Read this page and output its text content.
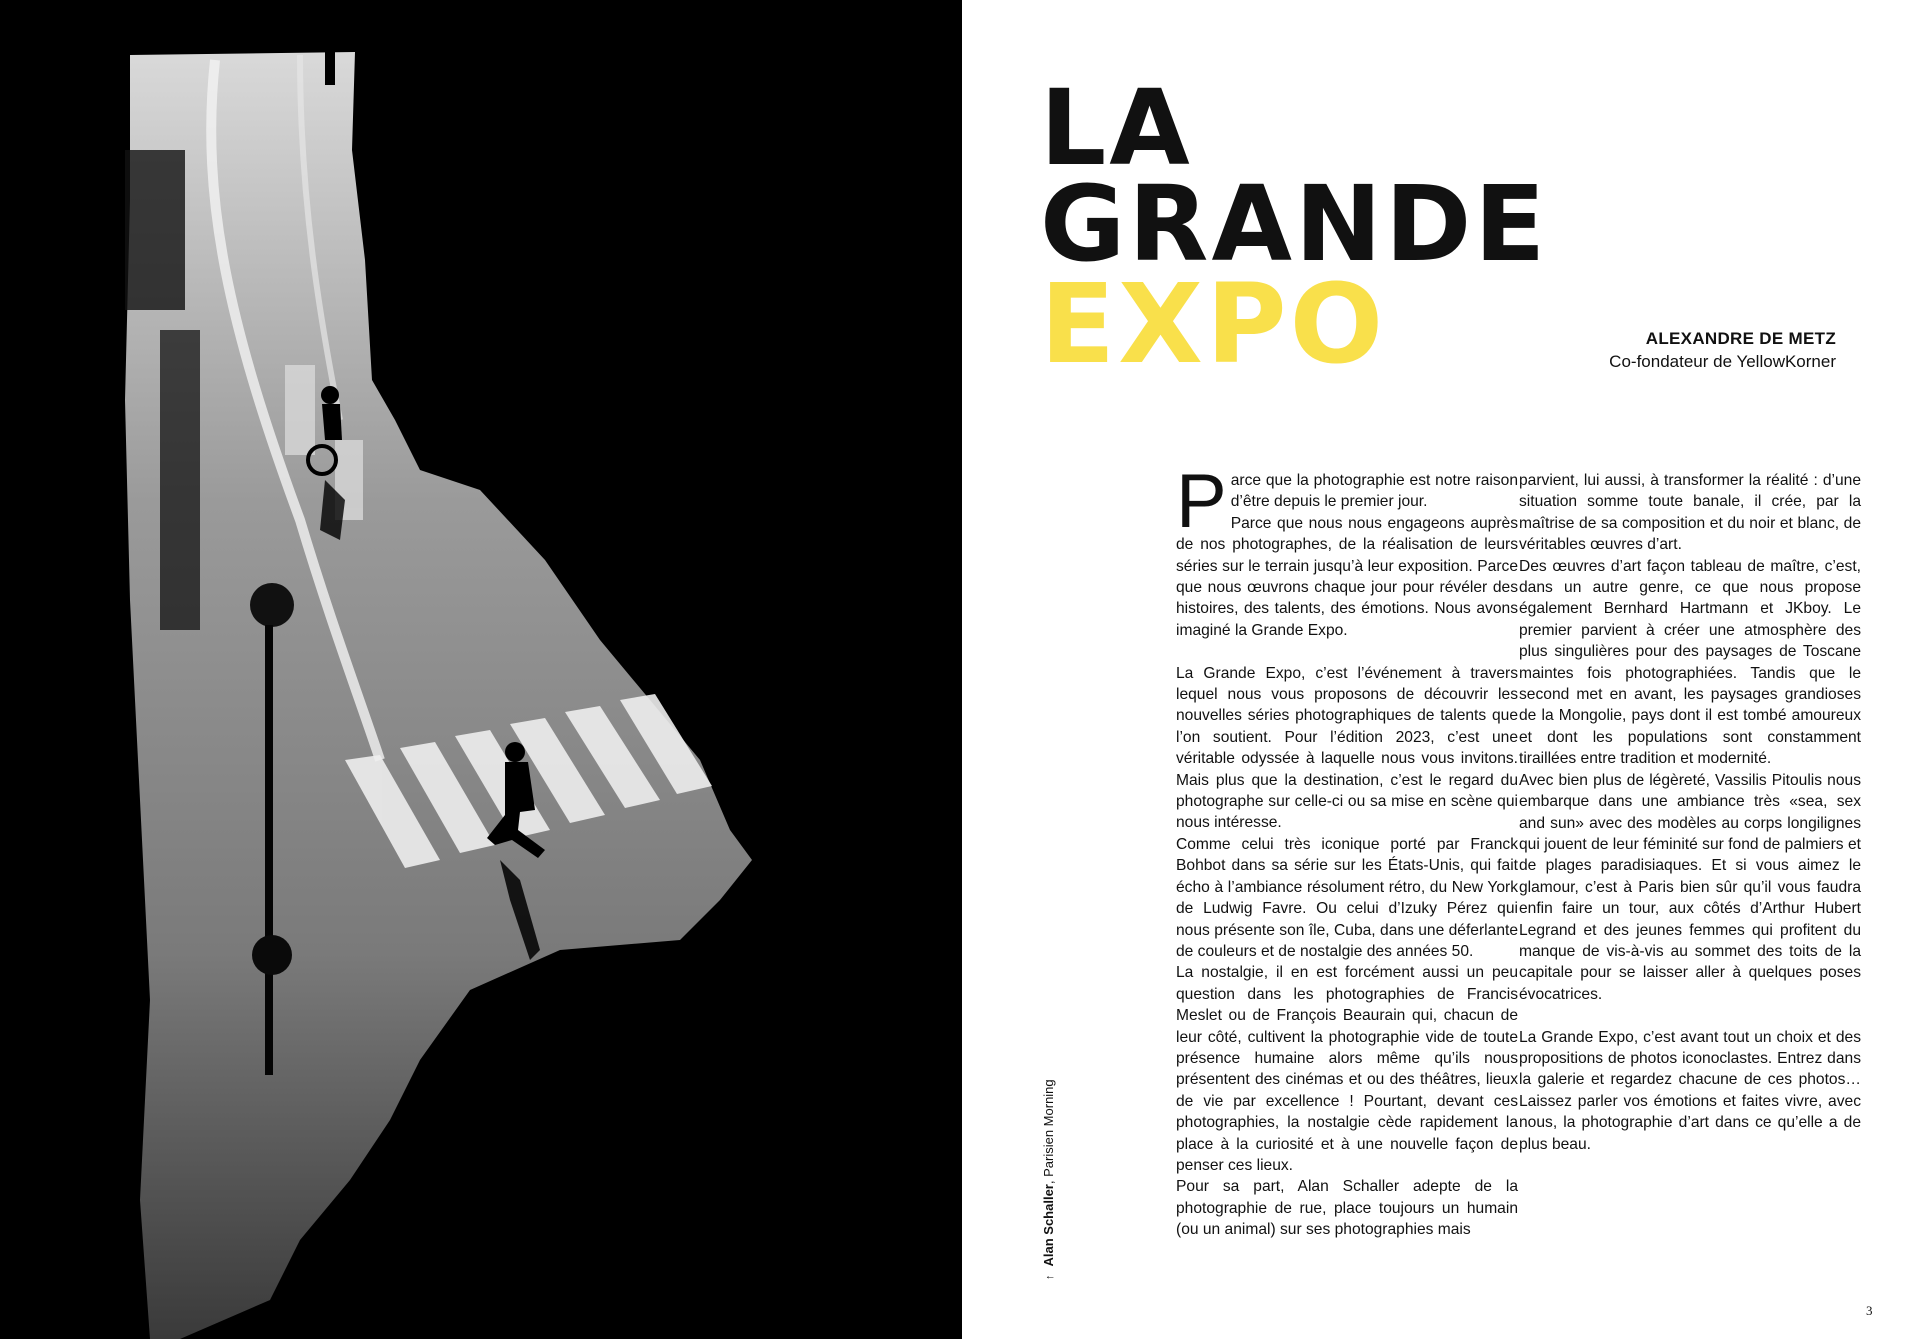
↑Alan Schaller, Parisien Morning
LA
GRANDE
EXPO	ALEXANDRE DE METZ
Co-fondateur de YellowKorner

Parce que la photographie est notre raison d’être depuis le premier jour.

Parce que nous nous engageons auprès de nos photographes, de la réalisation de leurs séries sur le terrain jusqu’à leur exposition. Parce que nous œuvrons chaque jour pour révéler des histoires, des talents, des émotions. Nous avons imaginé la Grande Expo.

La Grande Expo, c’est l’événement à travers lequel nous vous proposons de découvrir les nouvelles séries photographiques de talents que l’on soutient. Pour l’édition 2023, c’est une véritable odyssée à laquelle nous vous invitons. Mais plus que la destination, c’est le regard du photographe sur celle-ci ou sa mise en scène qui nous intéresse.

Comme celui très iconique porté par Franck Bohbot dans sa série sur les États-Unis, qui fait écho à l’ambiance résolument rétro, du New York de Ludwig Favre. Ou celui d’Izuky Pérez qui nous présente son île, Cuba, dans une déferlante de couleurs et de nostalgie des années 50.

La nostalgie, il en est forcément aussi un peu question dans les photographies de Francis Meslet ou de François Beaurain qui, chacun de leur côté, cultivent la photographie vide de toute présence humaine alors même qu’ils nous présentent des cinémas et ou des théâtres, lieux de vie par excellence ! Pourtant, devant ces photographies, la nostalgie cède rapidement la place à la curiosité et à une nouvelle façon de penser ces lieux.

Pour sa part, Alan Schaller adepte de la photographie de rue, place toujours un humain (ou un animal) sur ses photographies mais

parvient, lui aussi, à transformer la réalité : d’une situation somme toute banale, il crée, par la maîtrise de sa composition et du noir et blanc, de véritables œuvres d’art.

Des œuvres d’art façon tableau de maître, c’est, dans un autre genre, ce que nous propose également Bernhard Hartmann et JKboy. Le premier parvient à créer une atmosphère des plus singulières pour des paysages de Toscane maintes fois photographiées. Tandis que le second met en avant, les paysages grandioses de la Mongolie, pays dont il est tombé amoureux et dont les populations sont constamment tiraillées entre tradition et modernité.

Avec bien plus de légèreté, Vassilis Pitoulis nous embarque dans une ambiance très «sea, sex and sun» avec des modèles au corps longilignes qui jouent de leur féminité sur fond de palmiers et de plages paradisiaques. Et si vous aimez le glamour, c’est à Paris bien sûr qu’il vous faudra enfin faire un tour, aux côtés d’Arthur Hubert Legrand et des jeunes femmes qui profitent du manque de vis-à-vis au sommet des toits de la capitale pour se laisser aller à quelques poses évocatrices.

La Grande Expo, c’est avant tout un choix et des propositions de photos iconoclastes. Entrez dans la galerie et regardez chacune de ces photos… Laissez parler vos émotions et faites vivre, avec nous, la photographie d’art dans ce qu’elle a de plus beau.

3
